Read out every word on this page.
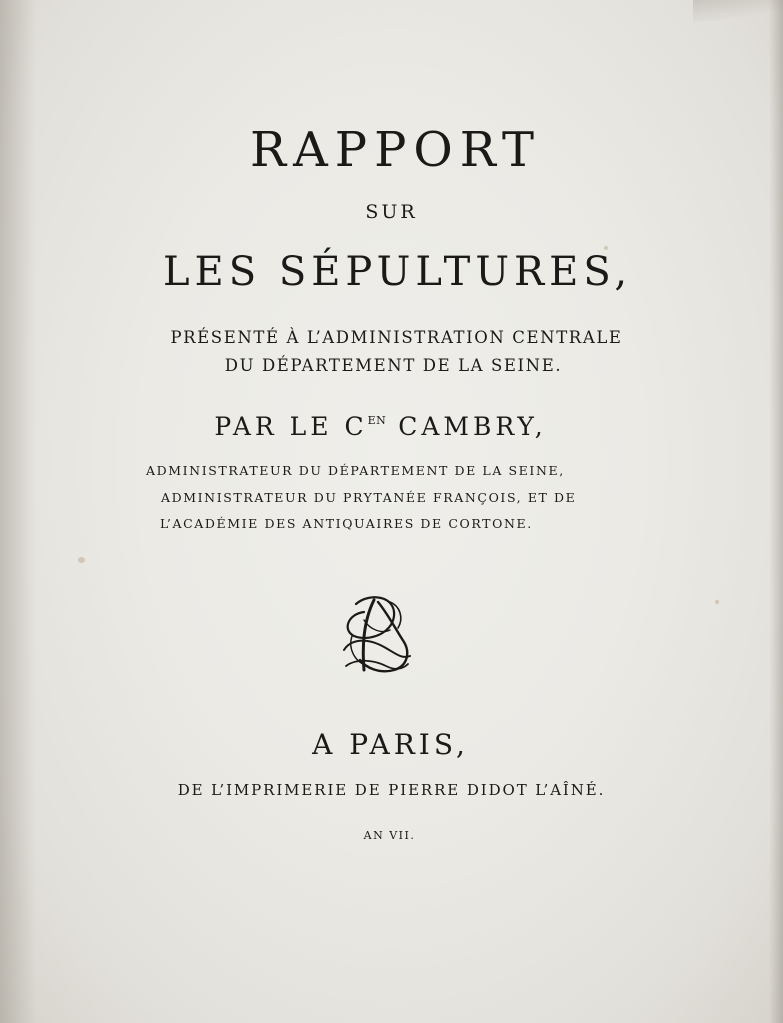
RAPPORT

SUR

LES SÉPULTURES,

PRÉSENTÉ À L’ADMINISTRATION CENTRALE

DU DÉPARTEMENT DE LA SEINE.

PAR LE $C^{EN}$ CAMBRY,

ADMINISTRATEUR DU DÉPARTEMENT DE LA SEINE,

ADMINISTRATEUR DU PRYTANÉE FRANÇOIS, ET DE

L’ACADÉMIE DES ANTIQUAIRES DE CORTONE.

A PARIS,

DE L’IMPRIMERIE DE PIERRE DIDOT L’AÎNÉ.

AN VII.
